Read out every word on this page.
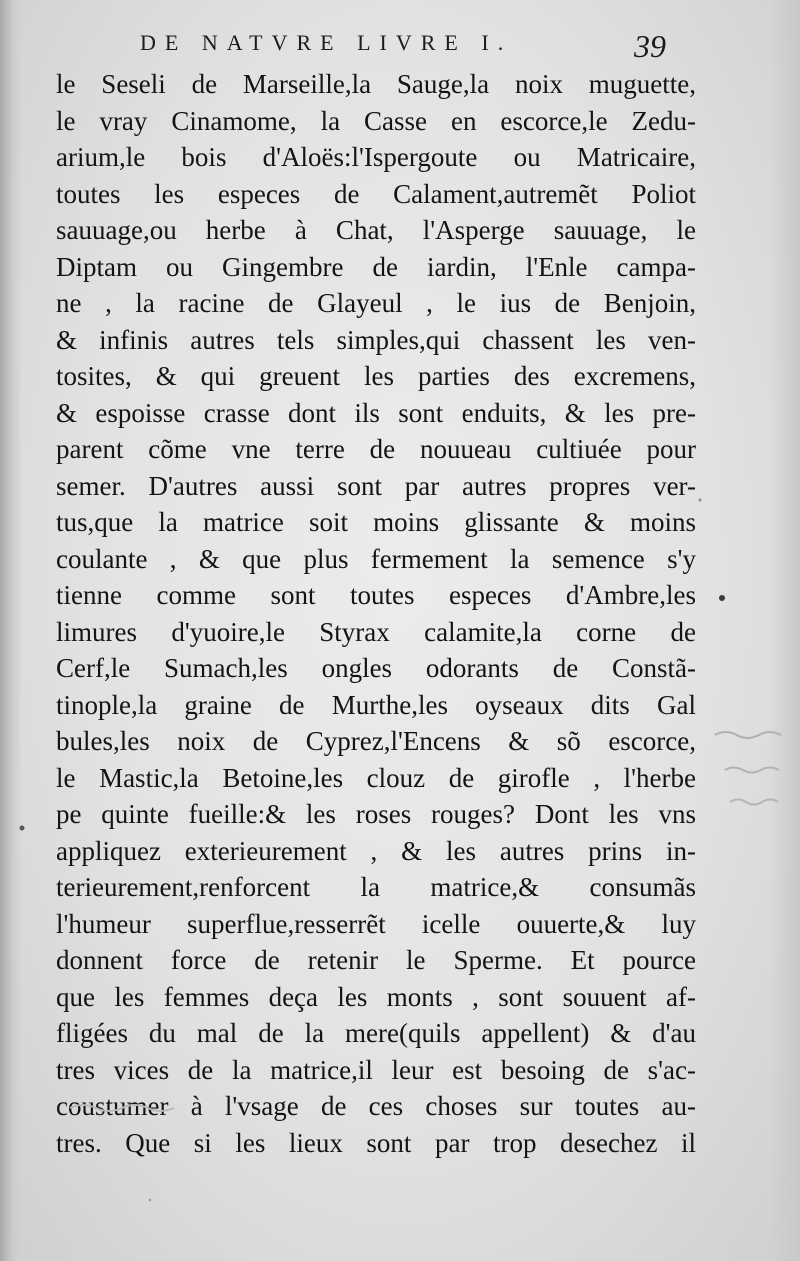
DE NATVRE LIVRE I.	39
le Seseli de Marseille,la Sauge,la noix muguette,
le vray Cinamome, la Casse en escorce,le Zedu-
arium,le bois d'Aloës:l'Ispergoute ou Matricaire,
toutes les especes de Calament,autremẽt Poliot
sauuage,ou herbe à Chat, l'Asperge sauuage, le
Diptam ou Gingembre de iardin, l'Enle campa-
ne , la racine de Glayeul , le ius de Benjoin,
& infinis autres tels simples,qui chassent les ven-
tosites, & qui greuent les parties des excremens,
& espoisse crasse dont ils sont enduits, & les pre-
parent cõme vne terre de nouueau cultiuée pour
semer. D'autres aussi sont par autres propres ver-
tus,que la matrice soit moins glissante & moins
coulante , & que plus fermement la semence s'y
tienne comme sont toutes especes d'Ambre,les
limures d'yuoire,le Styrax calamite,la corne de
Cerf,le Sumach,les ongles odorants de Constã-
tinople,la graine de Murthe,les oyseaux dits Gal
bules,les noix de Cyprez,l'Encens & sõ escorce,
le Mastic,la Betoine,les clouz de girofle , l'herbe
pe quinte fueille:& les roses rouges? Dont les vns
appliquez exterieurement , & les autres prins in-
terieurement,renforcent la matrice,& consumãs
l'humeur superflue,resserrẽt icelle ouuerte,& luy
donnent force de retenir le Sperme. Et pource
que les femmes deça les monts , sont souuent af-
fligées du mal de la mere(quils appellent) & d'au
tres vices de la matrice,il leur est besoing de s'ac-
coustumer à l'vsage de ces choses sur toutes au-
tres. Que si les lieux sont par trop desechez il
